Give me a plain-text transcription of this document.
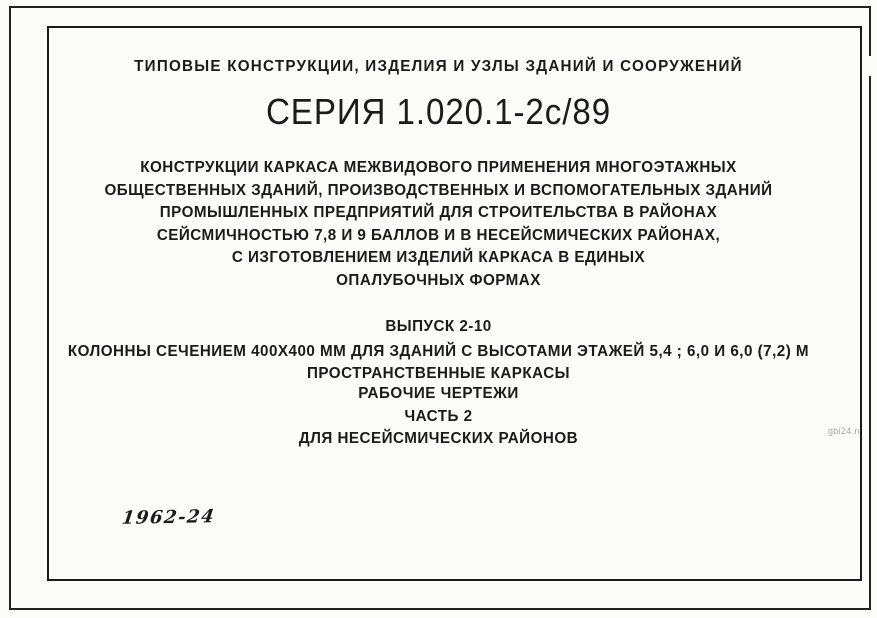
gbi24.ru
ТИПОВЫЕ КОНСТРУКЦИИ, ИЗДЕЛИЯ И УЗЛЫ ЗДАНИЙ И СООРУЖЕНИЙ
СЕРИЯ 1.020.1-2с/89
КОНСТРУКЦИИ КАРКАСА МЕЖВИДОВОГО ПРИМЕНЕНИЯ МНОГОЭТАЖНЫХ
ОБЩЕСТВЕННЫХ ЗДАНИЙ, ПРОИЗВОДСТВЕННЫХ И ВСПОМОГАТЕЛЬНЫХ ЗДАНИЙ
ПРОМЫШЛЕННЫХ ПРЕДПРИЯТИЙ ДЛЯ СТРОИТЕЛЬСТВА В РАЙОНАХ
СЕЙСМИЧНОСТЬЮ 7,8 И 9 БАЛЛОВ И В НЕСЕЙСМИЧЕСКИХ РАЙОНАХ,
С ИЗГОТОВЛЕНИЕМ ИЗДЕЛИЙ КАРКАСА В ЕДИНЫХ
ОПАЛУБОЧНЫХ ФОРМАХ
ВЫПУСК 2-10
КОЛОННЫ СЕЧЕНИЕМ 400X400 ММ ДЛЯ ЗДАНИЙ С ВЫСОТАМИ ЭТАЖЕЙ 5,4 ; 6,0 И 6,0 (7,2) М
ПРОСТРАНСТВЕННЫЕ КАРКАСЫ
РАБОЧИЕ ЧЕРТЕЖИ
ЧАСТЬ 2
ДЛЯ НЕСЕЙСМИЧЕСКИХ РАЙОНОВ
1962-24
